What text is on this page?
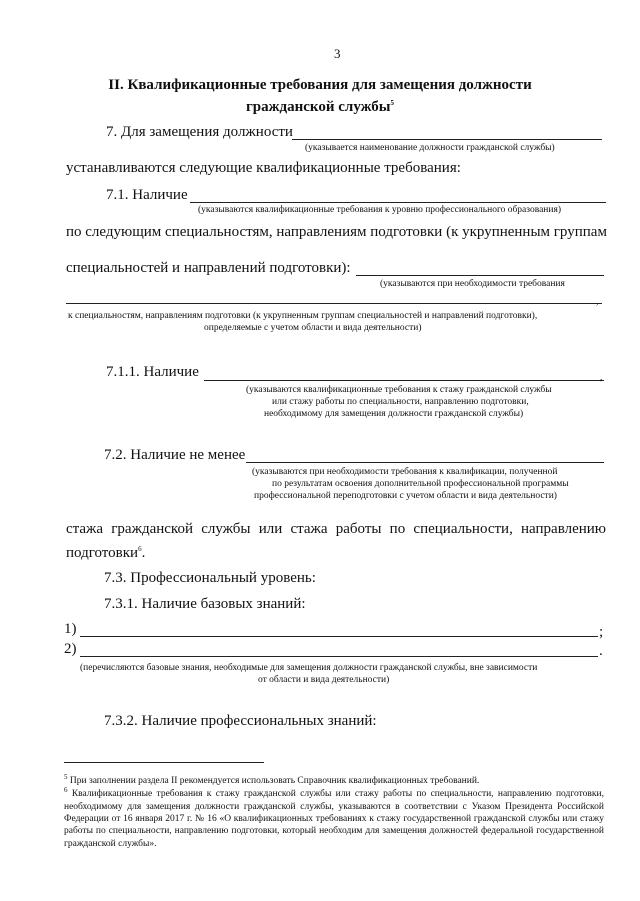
3
II. Квалификационные требования для замещения должности
гражданской службы$^5$
7. Для замещения должности
(указывается наименование должности гражданской службы)
устанавливаются следующие квалификационные требования:
7.1. Наличие
(указываются квалификационные требования к уровню профессионального образования)
по следующим специальностям, направлениям подготовки (к укрупненным группам
специальностей и направлений подготовки):
(указываются при необходимости требования
,
к специальностям, направлениям подготовки (к укрупненным группам специальностей и направлений подготовки),
определяемые с учетом области и вида деятельности)
7.1.1. Наличие	,
(указываются квалификационные требования к стажу гражданской службы
или стажу работы по специальности, направлению подготовки,
необходимому для замещения должности гражданской службы)
7.2. Наличие не менее
(указываются при необходимости требования к квалификации, полученной
по результатам освоения дополнительной профессиональной программы
профессиональной переподготовки с учетом области и вида деятельности)
стажа гражданской службы или стажа работы по специальности, направлению
подготовки$^6$.
7.3. Профессиональный уровень:
7.3.1. Наличие базовых знаний:
1)	;
2)	.
(перечисляются базовые знания, необходимые для замещения должности гражданской службы, вне зависимости
от области и вида деятельности)
7.3.2. Наличие профессиональных знаний:
$^5$ При заполнении раздела II рекомендуется использовать Справочник квалификационных требований.
$^6$ Квалификационные требования к стажу гражданской службы или стажу работы по специальности, направлению подготовки, необходимому для замещения должности гражданской службы, указываются в соответствии с Указом Президента Российской Федерации от 16 января 2017 г. № 16 «О квалификационных требованиях к стажу государственной гражданской службы или стажу работы по специальности, направлению подготовки, который необходим для замещения должностей федеральной государственной гражданской службы».
